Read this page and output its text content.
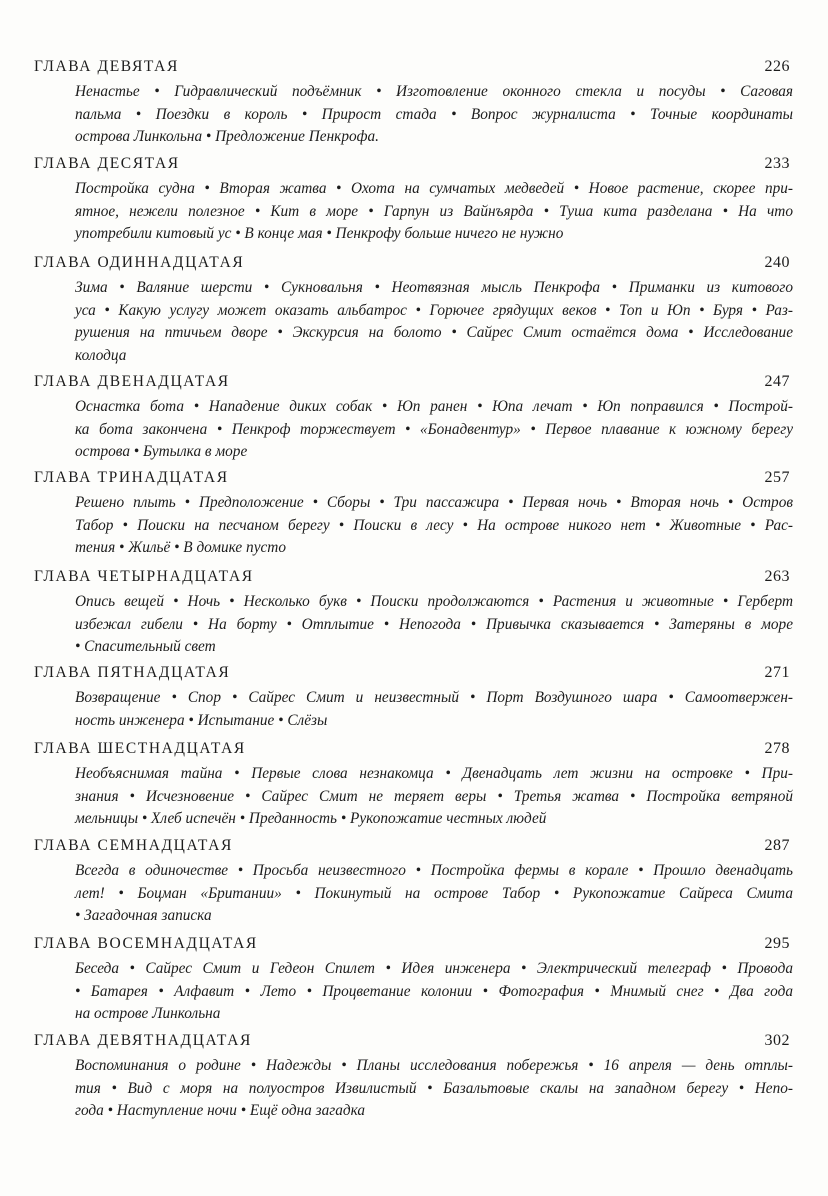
ГЛАВА ДЕВЯТАЯ	226
Ненастье • Гидравлический подъёмник • Изготовление оконного стекла и посуды • Саговая
пальма • Поездки в король • Прирост стада • Вопрос журналиста • Точные координаты
острова Линкольна • Предложение Пенкрофа.
ГЛАВА ДЕСЯТАЯ	233
Постройка судна • Вторая жатва • Охота на сумчатых медведей • Новое растение, скорее при-
ятное, нежели полезное • Кит в море • Гарпун из Вайнъярда • Туша кита разделана • На что
употребили китовый ус • В конце мая • Пенкрофу больше ничего не нужно
ГЛАВА ОДИННАДЦАТАЯ	240
Зима • Валяние шерсти • Сукновальня • Неотвязная мысль Пенкрофа • Приманки из китового
уса • Какую услугу может оказать альбатрос • Горючее грядущих веков • Топ и Юп • Буря • Раз-
рушения на птичьем дворе • Экскурсия на болото • Сайрес Смит остаётся дома • Исследование
колодца
ГЛАВА ДВЕНАДЦАТАЯ	247
Оснастка бота • Нападение диких собак • Юп ранен • Юпа лечат • Юп поправился • Построй-
ка бота закончена • Пенкроф торжествует • «Бонадвентур» • Первое плавание к южному берегу
острова • Бутылка в море
ГЛАВА ТРИНАДЦАТАЯ	257
Решено плыть • Предположение • Сборы • Три пассажира • Первая ночь • Вторая ночь • Остров
Табор • Поиски на песчаном берегу • Поиски в лесу • На острове никого нет • Животные • Рас-
тения • Жильё • В домике пусто
ГЛАВА ЧЕТЫРНАДЦАТАЯ	263
Опись вещей • Ночь • Несколько букв • Поиски продолжаются • Растения и животные • Герберт
избежал гибели • На борту • Отплытие • Непогода • Привычка сказывается • Затеряны в море
• Спасительный свет
ГЛАВА ПЯТНАДЦАТАЯ	271
Возвращение • Спор • Сайрес Смит и неизвестный • Порт Воздушного шара • Самоотвержен-
ность инженера • Испытание • Слёзы
ГЛАВА ШЕСТНАДЦАТАЯ	278
Необъяснимая тайна • Первые слова незнакомца • Двенадцать лет жизни на островке • При-
знания • Исчезновение • Сайрес Смит не теряет веры • Третья жатва • Постройка ветряной
мельницы • Хлеб испечён • Преданность • Рукопожатие честных людей
ГЛАВА СЕМНАДЦАТАЯ	287
Всегда в одиночестве • Просьба неизвестного • Постройка фермы в корале • Прошло двенадцать
лет! • Боцман «Британии» • Покинутый на острове Табор • Рукопожатие Сайреса Смита
• Загадочная записка
ГЛАВА ВОСЕМНАДЦАТАЯ	295
Беседа • Сайрес Смит и Гедеон Спилет • Идея инженера • Электрический телеграф • Провода
• Батарея • Алфавит • Лето • Процветание колонии • Фотография • Мнимый снег • Два года
на острове Линкольна
ГЛАВА ДЕВЯТНАДЦАТАЯ	302
Воспоминания о родине • Надежды • Планы исследования побережья • 16 апреля — день отплы-
тия • Вид с моря на полуостров Извилистый • Базальтовые скалы на западном берегу • Непо-
года • Наступление ночи • Ещё одна загадка
